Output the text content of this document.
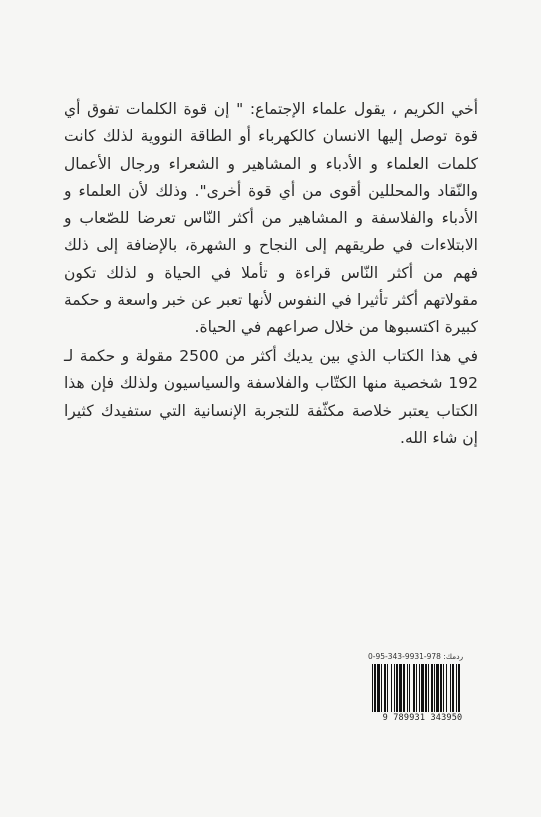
أخي الكريم ، يقول علماء الإجتماع: " إن قوة الكلمات تفوق أي قوة توصل إليها الانسان كالكهرباء أو الطاقة النووية لذلك كانت كلمات العلماء و الأدباء و المشاهير و الشعراء ورجال الأعمال والنّقاد والمحللين أقوى من أي قوة أخرى". وذلك لأن العلماء و الأدباء والفلاسفة و المشاهير من أكثر النّاس تعرضا للصّعاب و الابتلاءات في طريقهم إلى النجاح و الشهرة، بالإضافة إلى ذلك فهم من أكثر النّاس قراءة و تأملا في الحياة و لذلك تكون مقولاتهم أكثر تأثيرا في النفوس لأنها تعبر عن خبر واسعة و حكمة كبيرة اكتسبوها من خلال صراعهم في الحياة.

في هذا الكتاب الذي بين يديك أكثر من 2500 مقولة و حكمة لـ 192 شخصية منها الكتّاب والفلاسفة والسياسيون ولذلك فإن هذا الكتاب يعتبر خلاصة مكثّفة للتجربة الإنسانية التي ستفيدك كثيرا إن شاء الله.

ردمك: 978-9931-343-95-0
9 789931 343950
